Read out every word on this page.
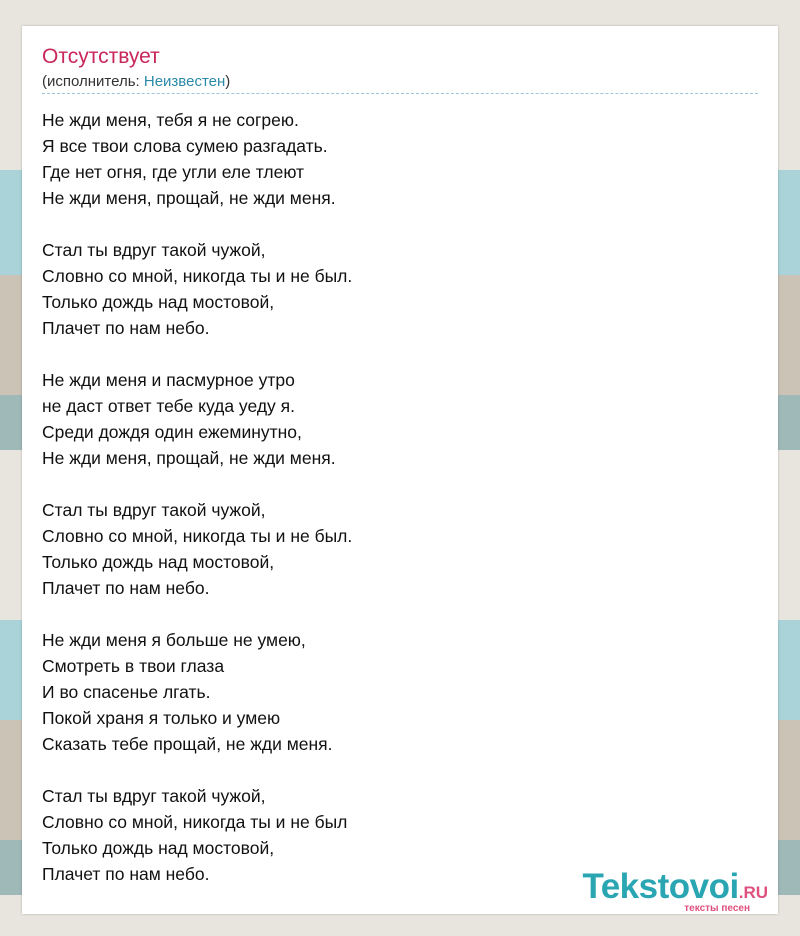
Отсутствует
(исполнитель: Неизвестен)
Не жди меня, тебя я не согрею.
Я все твои слова сумею разгадать.
Где нет огня, где угли еле тлеют
Не жди меня, прощай, не жди меня.
Стал ты вдруг такой чужой,
Словно со мной, никогда ты и не был.
Только дождь над мостовой,
Плачет по нам небо.
Не жди меня и пасмурное утро
не даст ответ тебе куда уеду я.
Среди дождя один ежеминутно,
Не жди меня, прощай, не жди меня.
Стал ты вдруг такой чужой,
Словно со мной, никогда ты и не был.
Только дождь над мостовой,
Плачет по нам небо.
Не жди меня я больше не умею,
Смотреть в твои глаза
И во спасенье лгать.
Покой храня я только и умею
Сказать тебе прощай, не жди меня.
Стал ты вдруг такой чужой,
Словно со мной, никогда ты и не был
Только дождь над мостовой,
Плачет по нам небо.	Tekstovoi.RU
тексты песен
